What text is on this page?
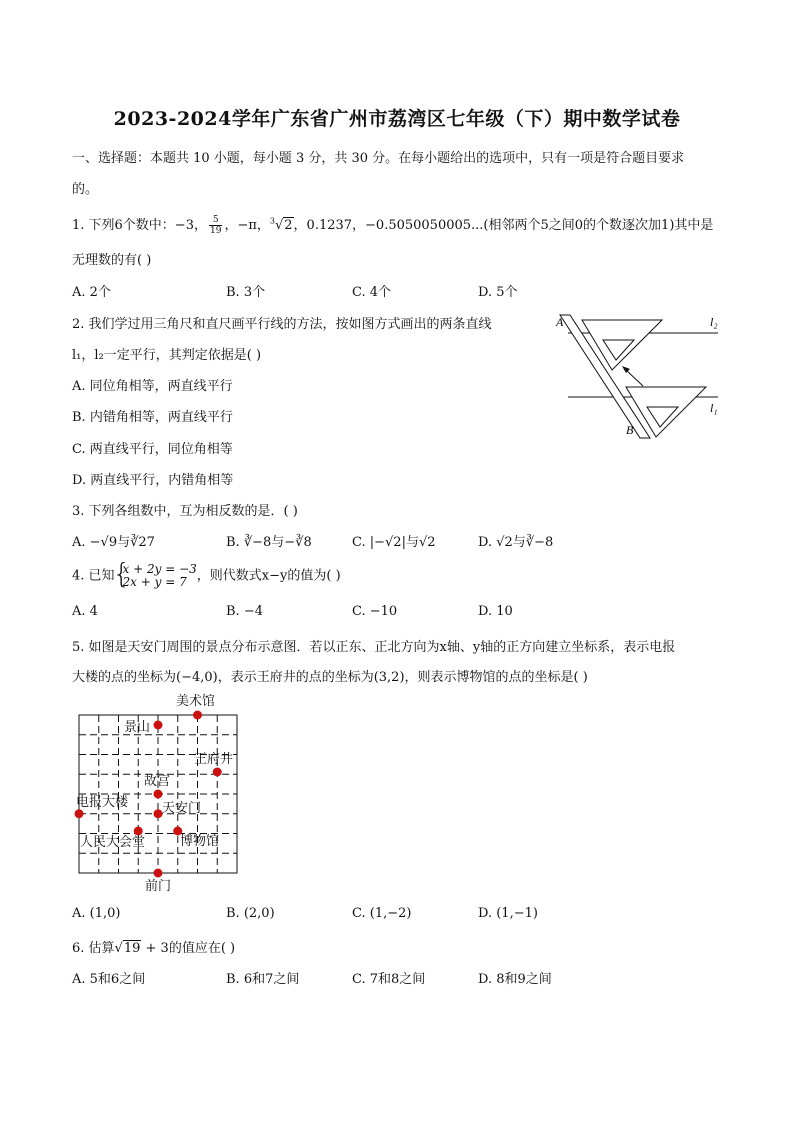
2023-2024学年广东省广州市荔湾区七年级（下）期中数学试卷
一、选择题：本题共 10 小题，每小题 3 分，共 30 分。在每小题给出的选项中，只有一项是符合题目要求
的。
1. 下列6个数中：−3， $\frac{5}{19}$ ，−π，$^3$√2，0.1237，−0.5050050005...(相邻两个5之间0的个数逐次加1)其中是
无理数的有( )
A. 2个	B. 3个	C. 4个	D. 5个
2. 我们学过用三角尺和直尺画平行线的方法，按如图方式画出的两条直线
l₁，l₂一定平行，其判定依据是( )
A. 同位角相等，两直线平行
B. 内错角相等，两直线平行
C. 两直线平行，同位角相等
D. 两直线平行，内错角相等
A
B
l₂
l₁
3. 下列各组数中，互为相反数的是．( )
A. −√9与∛27	B. ∛−8与−∛8	C. |−√2|与√2	D. √2与∛−8
4. 已知
{ x + 2y = −3
2x + y = 7 ，则代数式x−y的值为( )
A. 4	B. −4	C. −10	D. 10
5. 如图是天安门周围的景点分布示意图．若以正东、正北方向为x轴、y轴的正方向建立坐标系，表示电报
大楼的点的坐标为(−4,0)，表示王府井的点的坐标为(3,2)，则表示博物馆的点的坐标是( )
美术馆
景山
王府井
故宫
电报大楼	天安门
人民大会堂	博物馆
前门
A. (1,0)	B. (2,0)	C. (1,−2)	D. (1,−1)
6. 估算√19 + 3的值应在( )
A. 5和6之间	B. 6和7之间	C. 7和8之间	D. 8和9之间
